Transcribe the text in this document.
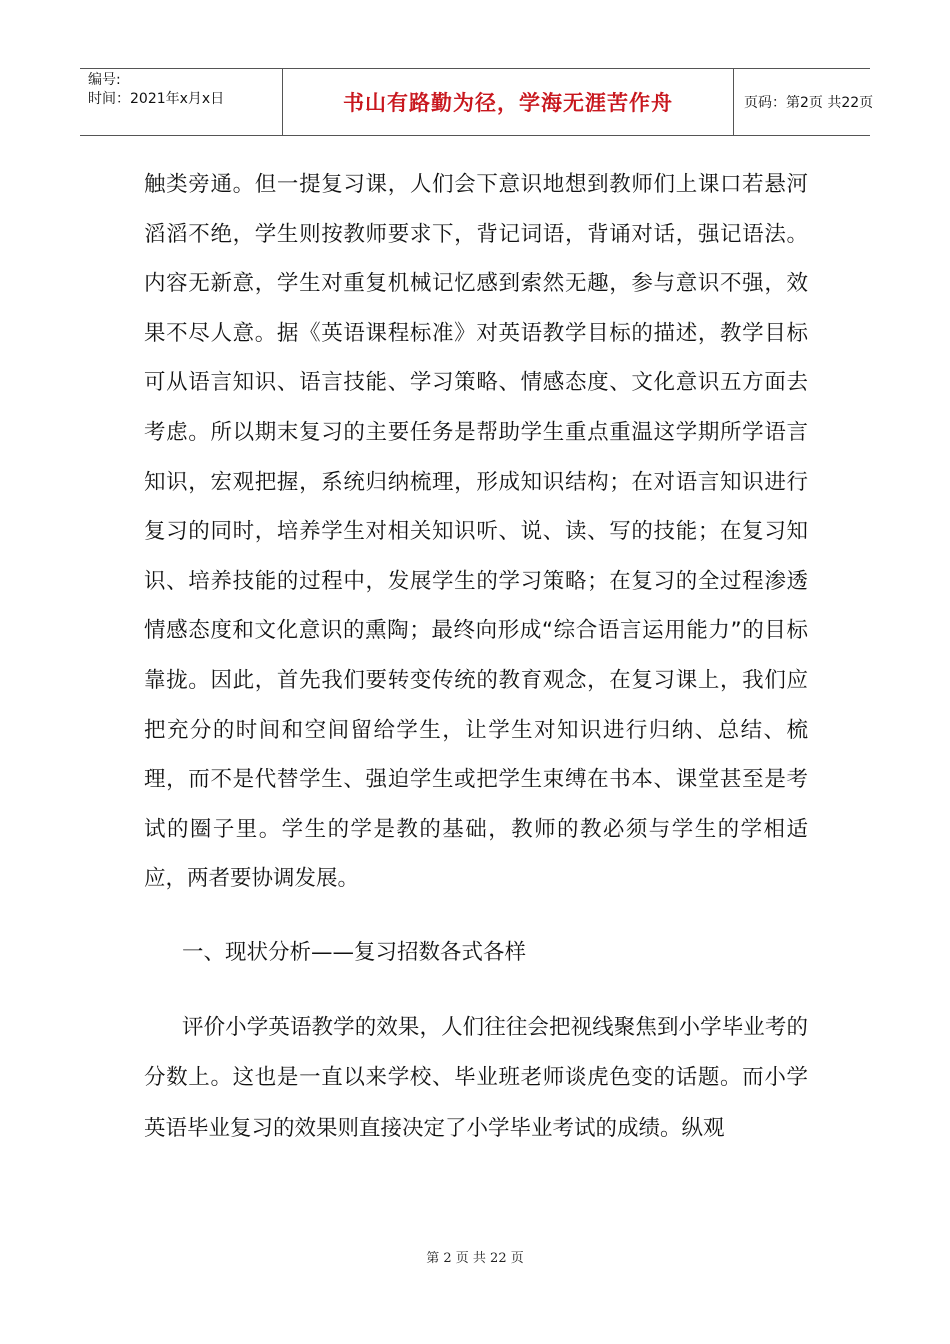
编号:
时间：2021年x月x日	书山有路勤为径，学海无涯苦作舟	页码：第2页 共22页

触类旁通。但一提复习课，人们会下意识地想到教师们上课口若悬河滔滔不绝，学生则按教师要求下，背记词语，背诵对话，强记语法。内容无新意，学生对重复机械记忆感到索然无趣，参与意识不强，效果不尽人意。据《英语课程标准》对英语教学目标的描述，教学目标可从语言知识、语言技能、学习策略、情感态度、文化意识五方面去考虑。所以期末复习的主要任务是帮助学生重点重温这学期所学语言知识，宏观把握，系统归纳梳理，形成知识结构；在对语言知识进行复习的同时，培养学生对相关知识听、说、读、写的技能；在复习知识、培养技能的过程中，发展学生的学习策略；在复习的全过程渗透情感态度和文化意识的熏陶；最终向形成“综合语言运用能力”的目标靠拢。因此，首先我们要转变传统的教育观念，在复习课上，我们应把充分的时间和空间留给学生，让学生对知识进行归纳、总结、梳理，而不是代替学生、强迫学生或把学生束缚在书本、课堂甚至是考试的圈子里。学生的学是教的基础，教师的教必须与学生的学相适应，两者要协调发展。

一、现状分析——复习招数各式各样

评价小学英语教学的效果，人们往往会把视线聚焦到小学毕业考的分数上。这也是一直以来学校、毕业班老师谈虎色变的话题。而小学英语毕业复习的效果则直接决定了小学毕业考试的成绩。纵观

第 2 页 共 22 页
